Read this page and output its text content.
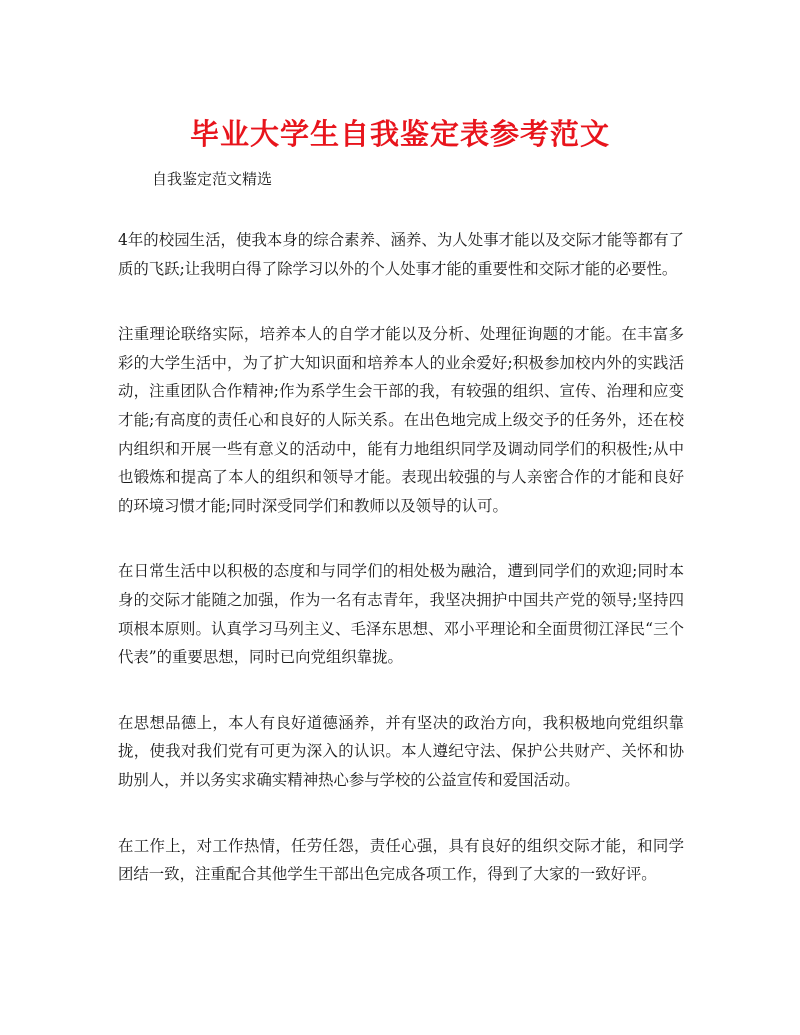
毕业大学生自我鉴定表参考范文

自我鉴定范文精选

4年的校园生活，使我本身的综合素养、涵养、为人处事才能以及交际才能等都有了质的飞跃;让我明白得了除学习以外的个人处事才能的重要性和交际才能的必要性。

注重理论联络实际，培养本人的自学才能以及分析、处理征询题的才能。在丰富多彩的大学生活中，为了扩大知识面和培养本人的业余爱好;积极参加校内外的实践活动，注重团队合作精神;作为系学生会干部的我，有较强的组织、宣传、治理和应变才能;有高度的责任心和良好的人际关系。在出色地完成上级交予的任务外，还在校内组织和开展一些有意义的活动中，能有力地组织同学及调动同学们的积极性;从中也锻炼和提高了本人的组织和领导才能。表现出较强的与人亲密合作的才能和良好的环境习惯才能;同时深受同学们和教师以及领导的认可。

在日常生活中以积极的态度和与同学们的相处极为融洽，遭到同学们的欢迎;同时本身的交际才能随之加强，作为一名有志青年，我坚决拥护中国共产党的领导;坚持四项根本原则。认真学习马列主义、毛泽东思想、邓小平理论和全面贯彻江泽民“三个代表”的重要思想，同时已向党组织靠拢。

在思想品德上，本人有良好道德涵养，并有坚决的政治方向，我积极地向党组织靠拢，使我对我们党有可更为深入的认识。本人遵纪守法、保护公共财产、关怀和协助别人，并以务实求确实精神热心参与学校的公益宣传和爱国活动。

在工作上，对工作热情，任劳任怨，责任心强，具有良好的组织交际才能，和同学团结一致，注重配合其他学生干部出色完成各项工作，得到了大家的一致好评。
